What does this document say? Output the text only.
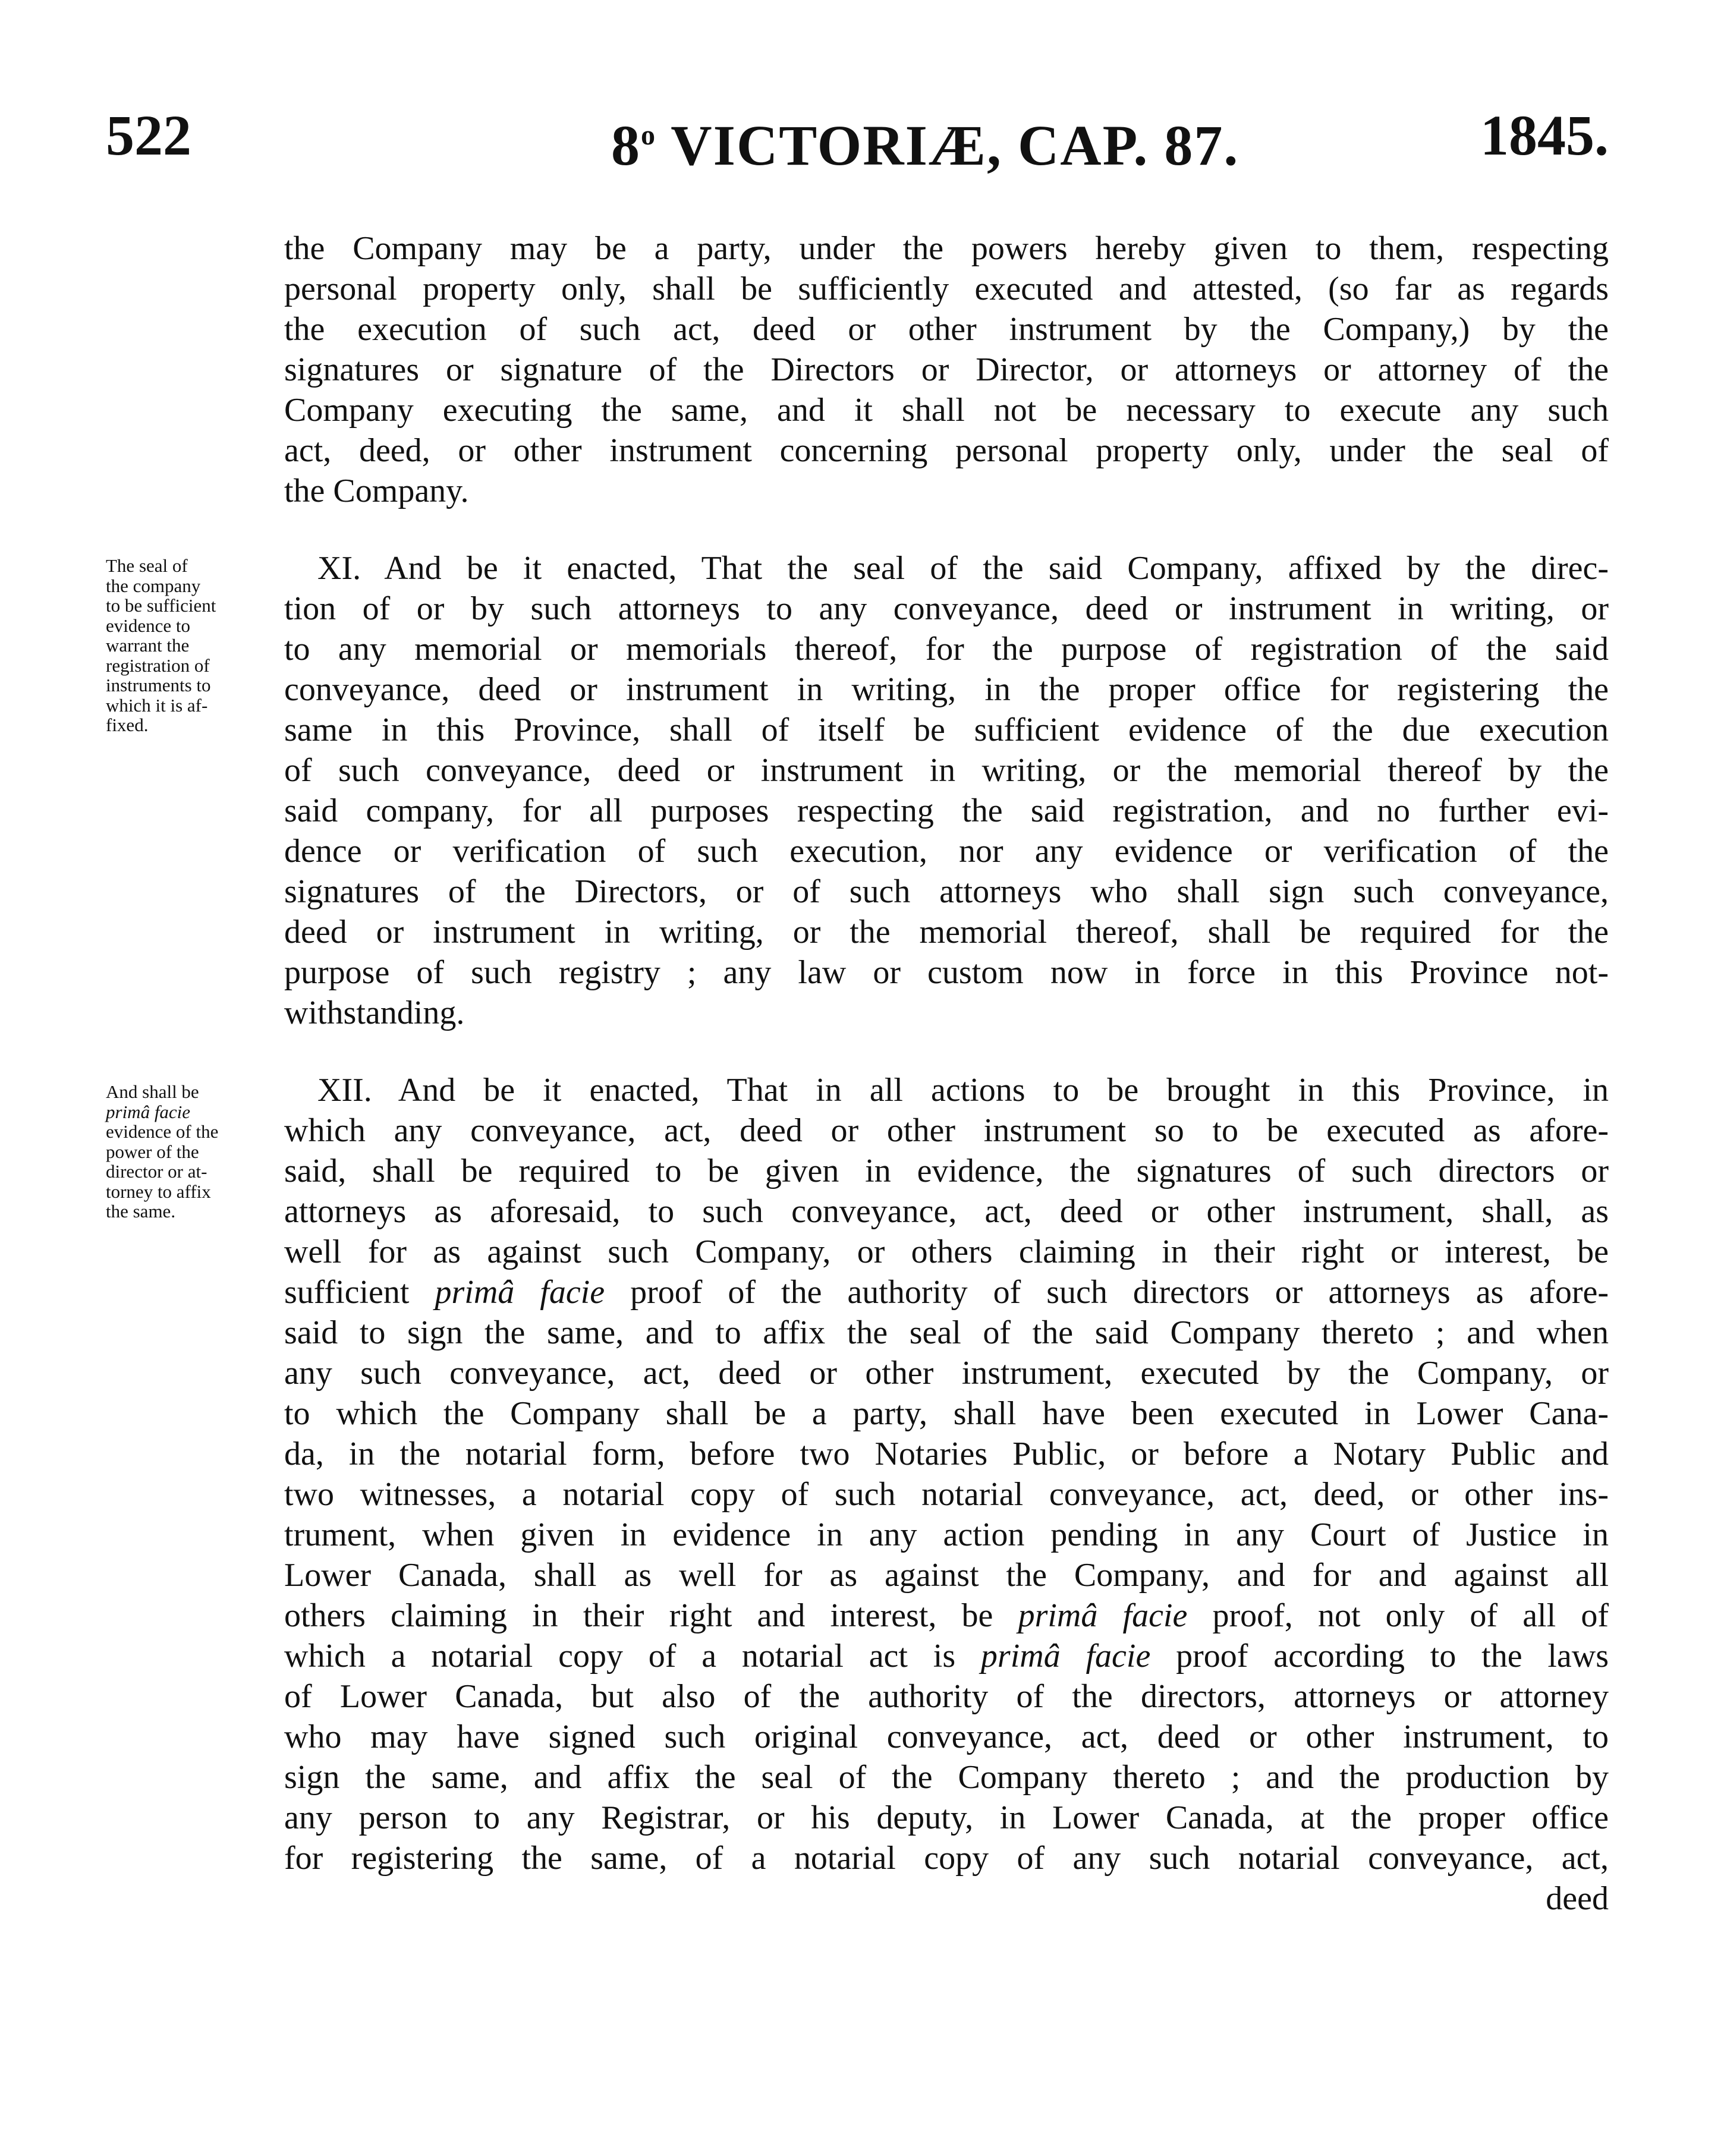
522	8$^o$ VICTORIÆ, CAP. 87.	1845.
the Company may be a party, under the powers hereby given to them, respecting
personal property only, shall be sufficiently executed and attested, (so far as regards
the execution of such act, deed or other instrument by the Company,) by the
signatures or signature of the Directors or Director, or attorneys or attorney of the
Company executing the same, and it shall not be necessary to execute any such
act, deed, or other instrument concerning personal property only, under the seal of
the Company.
The seal of
the company
to be sufficient
evidence to
warrant the
registration of
instruments to
which it is af-
fixed.
XI. And be it enacted, That the seal of the said Company, affixed by the direc-
tion of or by such attorneys to any conveyance, deed or instrument in writing, or
to any memorial or memorials thereof, for the purpose of registration of the said
conveyance, deed or instrument in writing, in the proper office for registering the
same in this Province, shall of itself be sufficient evidence of the due execution
of such conveyance, deed or instrument in writing, or the memorial thereof by the
said company, for all purposes respecting the said registration, and no further evi-
dence or verification of such execution, nor any evidence or verification of the
signatures of the Directors, or of such attorneys who shall sign such conveyance,
deed or instrument in writing, or the memorial thereof, shall be required for the
purpose of such registry ; any law or custom now in force in this Province not-
withstanding.
And shall be
primâ facie
evidence of the
power of the
director or at-
torney to affix
the same.
XII. And be it enacted, That in all actions to be brought in this Province, in
which any conveyance, act, deed or other instrument so to be executed as afore-
said, shall be required to be given in evidence, the signatures of such directors or
attorneys as aforesaid, to such conveyance, act, deed or other instrument, shall, as
well for as against such Company, or others claiming in their right or interest, be
sufficient primâ facie proof of the authority of such directors or attorneys as afore-
said to sign the same, and to affix the seal of the said Company thereto ; and when
any such conveyance, act, deed or other instrument, executed by the Company, or
to which the Company shall be a party, shall have been executed in Lower Cana-
da, in the notarial form, before two Notaries Public, or before a Notary Public and
two witnesses, a notarial copy of such notarial conveyance, act, deed, or other ins-
trument, when given in evidence in any action pending in any Court of Justice in
Lower Canada, shall as well for as against the Company, and for and against all
others claiming in their right and interest, be primâ facie proof, not only of all of
which a notarial copy of a notarial act is primâ facie proof according to the laws
of Lower Canada, but also of the authority of the directors, attorneys or attorney
who may have signed such original conveyance, act, deed or other instrument, to
sign the same, and affix the seal of the Company thereto ; and the production by
any person to any Registrar, or his deputy, in Lower Canada, at the proper office
for registering the same, of a notarial copy of any such notarial conveyance, act,
deed
